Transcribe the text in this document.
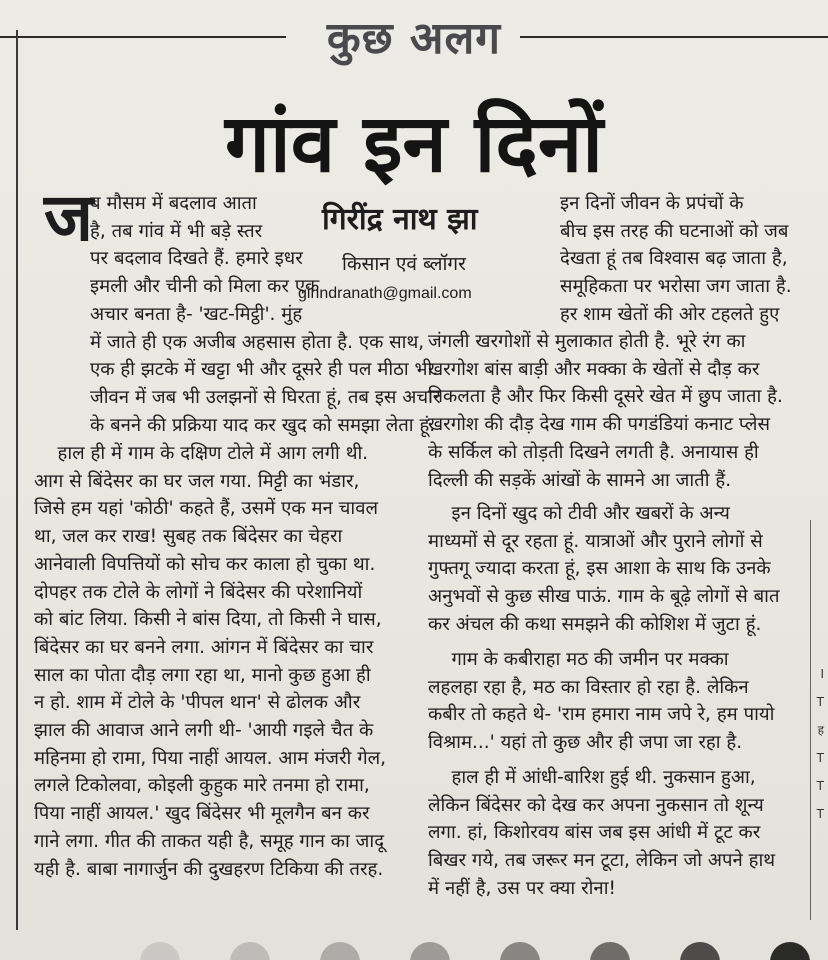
कुछ अलग
गांव इन दिनों
ज
ब मौसम में बदलाव आता
है, तब गांव में भी बड़े स्तर
पर बदलाव दिखते हैं. हमारे इधर
इमली और चीनी को मिला कर एक
अचार बनता है- 'खट-मिट्ठी'. मुंह
में जाते ही एक अजीब अहसास होता है. एक साथ,
एक ही झटके में खट्टा भी और दूसरे ही पल मीठा भी.
जीवन में जब भी उलझनों से घिरता हूं, तब इस अचार
के बनने की प्रक्रिया याद कर खुद को समझा लेता हूं.
गिरींद्र नाथ झा
किसान एवं ब्लॉगर
girindranath@gmail.com
हाल ही में गाम के दक्षिण टोले में आग लगी थी.
आग से बिंदेसर का घर जल गया. मिट्टी का भंडार,
जिसे हम यहां 'कोठी' कहते हैं, उसमें एक मन चावल
था, जल कर राख! सुबह तक बिंदेसर का चेहरा
आनेवाली विपत्तियों को सोच कर काला हो चुका था.
दोपहर तक टोले के लोगों ने बिंदेसर की परेशानियों
को बांट लिया. किसी ने बांस दिया, तो किसी ने घास,
बिंदेसर का घर बनने लगा. आंगन में बिंदेसर का चार
साल का पोता दौड़ लगा रहा था, मानो कुछ हुआ ही
न हो. शाम में टोले के 'पीपल थान' से ढोलक और
झाल की आवाज आने लगी थी- 'आयी गइले चैत के
महिनमा हो रामा, पिया नाहीं आयल. आम मंजरी गेल,
लगले टिकोलवा, कोइली कुहुक मारे तनमा हो रामा,
पिया नाहीं आयल.' खुद बिंदेसर भी मूलगैन बन कर
गाने लगा. गीत की ताकत यही है, समूह गान का जादू
यही है. बाबा नागार्जुन की दुखहरण टिकिया की तरह.
इन दिनों जीवन के प्रपंचों के
बीच इस तरह की घटनाओं को जब
देखता हूं तब विश्वास बढ़ जाता है,
समूहिकता पर भरोसा जग जाता है.
हर शाम खेतों की ओर टहलते हुए
जंगली खरगोशों से मुलाकात होती है. भूरे रंग का
खरगोश बांस बाड़ी और मक्का के खेतों से दौड़ कर
निकलता है और फिर किसी दूसरे खेत में छुप जाता है.
खरगोश की दौड़ देख गाम की पगडंडियां कनाट प्लेस
के सर्किल को तोड़ती दिखने लगती है. अनायास ही
दिल्ली की सड़कें आंखों के सामने आ जाती हैं.
इन दिनों खुद को टीवी और खबरों के अन्य
माध्यमों से दूर रहता हूं. यात्राओं और पुराने लोगों से
गुफ्तगू ज्यादा करता हूं, इस आशा के साथ कि उनके
अनुभवों से कुछ सीख पाऊं. गाम के बूढ़े लोगों से बात
कर अंचल की कथा समझने की कोशिश में जुटा हूं.
गाम के कबीराहा मठ की जमीन पर मक्का
लहलहा रहा है, मठ का विस्तार हो रहा है. लेकिन
कबीर तो कहते थे- 'राम हमारा नाम जपे रे, हम पायो
विश्राम...' यहां तो कुछ और ही जपा जा रहा है.
हाल ही में आंधी-बारिश हुई थी. नुकसान हुआ,
लेकिन बिंदेसर को देख कर अपना नुकसान तो शून्य
लगा. हां, किशोरवय बांस जब इस आंधी में टूट कर
बिखर गये, तब जरूर मन टूटा, लेकिन जो अपने हाथ
में नहीं है, उस पर क्या रोना!
I
T
ह
T
T
T
